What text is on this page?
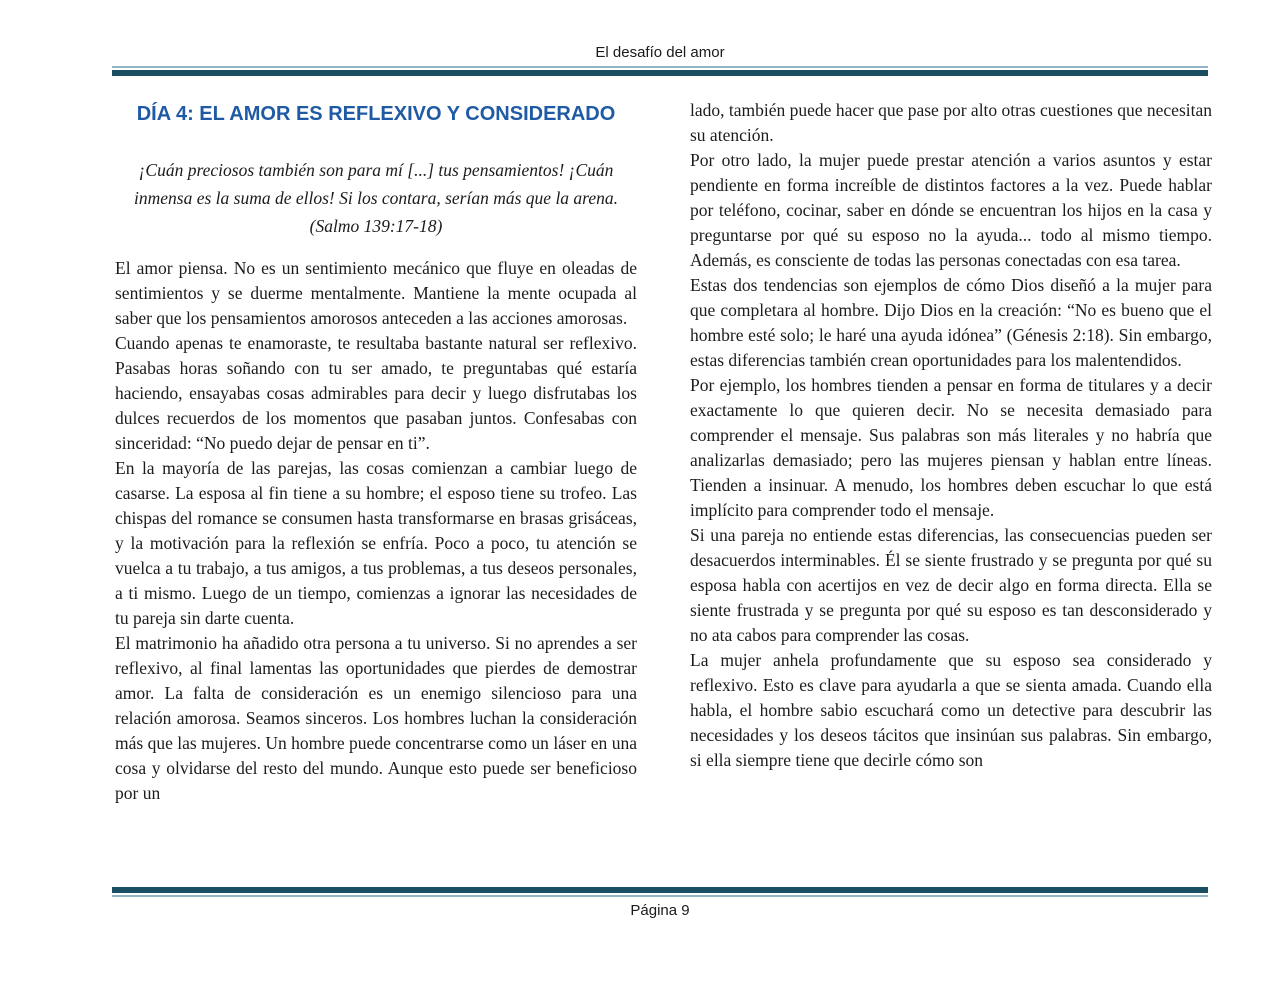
El desafío del amor
DÍA 4: EL AMOR ES REFLEXIVO Y CONSIDERADO
¡Cuán preciosos también son para mí [...] tus pensamientos! ¡Cuán inmensa es la suma de ellos! Si los contara, serían más que la arena.
(Salmo 139:17-18)

El amor piensa. No es un sentimiento mecánico que fluye en oleadas de sentimientos y se duerme mentalmente. Mantiene la mente ocupada al saber que los pensamientos amorosos anteceden a las acciones amorosas.

Cuando apenas te enamoraste, te resultaba bastante natural ser reflexivo. Pasabas horas soñando con tu ser amado, te preguntabas qué estaría haciendo, ensayabas cosas admirables para decir y luego disfrutabas los dulces recuerdos de los momentos que pasaban juntos. Confesabas con sinceridad: “No puedo dejar de pensar en ti”.

En la mayoría de las parejas, las cosas comienzan a cambiar luego de casarse. La esposa al fin tiene a su hombre; el esposo tiene su trofeo. Las chispas del romance se consumen hasta transformarse en brasas grisáceas, y la motivación para la reflexión se enfría. Poco a poco, tu atención se vuelca a tu trabajo, a tus amigos, a tus problemas, a tus deseos personales, a ti mismo. Luego de un tiempo, comienzas a ignorar las necesidades de tu pareja sin darte cuenta.

El matrimonio ha añadido otra persona a tu universo. Si no aprendes a ser reflexivo, al final lamentas las oportunidades que pierdes de demostrar amor. La falta de consideración es un enemigo silencioso para una relación amorosa. Seamos sinceros. Los hombres luchan la consideración más que las mujeres. Un hombre puede concentrarse como un láser en una cosa y olvidarse del resto del mundo. Aunque esto puede ser beneficioso por un

lado, también puede hacer que pase por alto otras cuestiones que necesitan su atención.

Por otro lado, la mujer puede prestar atención a varios asuntos y estar pendiente en forma increíble de distintos factores a la vez. Puede hablar por teléfono, cocinar, saber en dónde se encuentran los hijos en la casa y preguntarse por qué su esposo no la ayuda... todo al mismo tiempo. Además, es consciente de todas las personas conectadas con esa tarea.

Estas dos tendencias son ejemplos de cómo Dios diseñó a la mujer para que completara al hombre. Dijo Dios en la creación: “No es bueno que el hombre esté solo; le haré una ayuda idónea” (Génesis 2:18). Sin embargo, estas diferencias también crean oportunidades para los malentendidos.

Por ejemplo, los hombres tienden a pensar en forma de titulares y a decir exactamente lo que quieren decir. No se necesita demasiado para comprender el mensaje. Sus palabras son más literales y no habría que analizarlas demasiado; pero las mujeres piensan y hablan entre líneas. Tienden a insinuar. A menudo, los hombres deben escuchar lo que está implícito para comprender todo el mensaje.

Si una pareja no entiende estas diferencias, las consecuencias pueden ser desacuerdos interminables. Él se siente frustrado y se pregunta por qué su esposa habla con acertijos en vez de decir algo en forma directa. Ella se siente frustrada y se pregunta por qué su esposo es tan desconsiderado y no ata cabos para comprender las cosas.

La mujer anhela profundamente que su esposo sea considerado y reflexivo. Esto es clave para ayudarla a que se sienta amada. Cuando ella habla, el hombre sabio escuchará como un detective para descubrir las necesidades y los deseos tácitos que insinúan sus palabras. Sin embargo, si ella siempre tiene que decirle cómo son

Página 9
